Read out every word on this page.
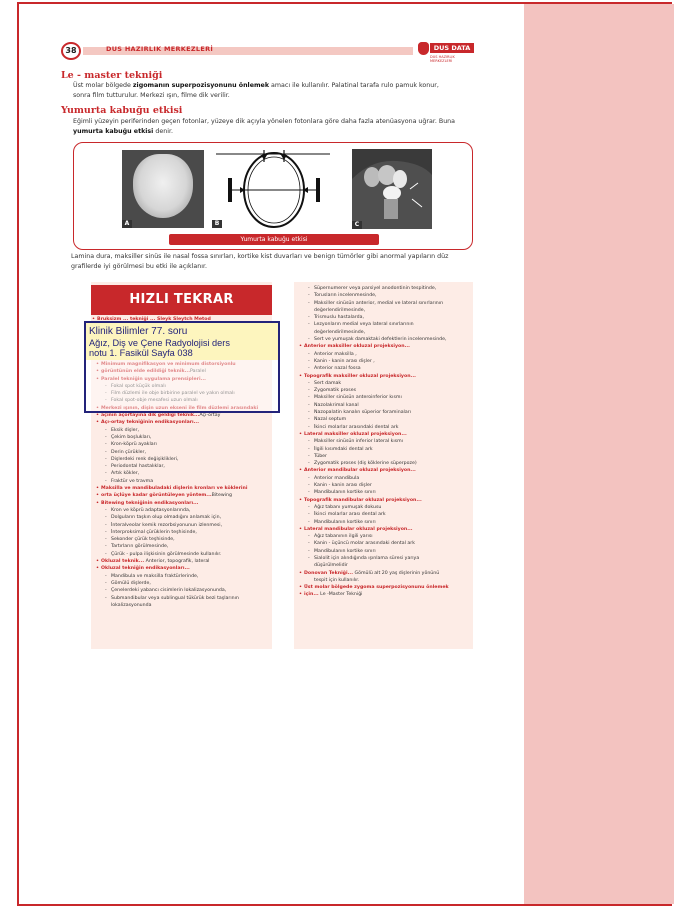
38	DUS HAZIRLIK MERKEZLERİ	DUS DATA
DUS HAZIRLIK MERKEZLERİ
Le - master tekniği

Üst molar bölgede zigomanın superpozisyonunu önlemek amacı ile kullanılır. Palatinal tarafa rulo pamuk konur, sonra film tutturulur. Merkezi ışın, filme dik verilir.

Yumurta kabuğu etkisi

Eğimli yüzeyin periferinden geçen fotonlar, yüzeye dik açıyla yönelen fotonlara göre daha fazla atenüasyona uğrar. Buna yumurta kabuğu etkisi denir.

A	B	C
Yumurta kabuğu etkisi

Lamina dura, maksiller sinüs ile nasal fossa sınırları, kortike kist duvarları ve benign tümörler gibi anormal yapıların düz grafilerde iyi görülmesi bu etki ile açıklanır.

HIZLI TEKRAR
• Bruksizm ... tekniği ... Sleyk Sleytch Metod
• Minimum magnifikasyon ve minimum distorsiyonlu
• görüntünün elde edildiği teknik...Paralel
• Paralel tekniğin uygulama prensipleri...
- Fokal spot küçük olmalı
- Film düzlemi ile obje birbirine paralel ve yakın olmalı
- Fokal spot-obje mesafesi uzun olmalı
• Merkezi ışının, dişin uzun ekseni ile film düzlemi arasındaki
• açının açortayına dik geldiği teknik...Açı-ortay
• Açı-ortay tekniğinin endikasyonları...
- Eksik dişler,
- Çekim boşlukları,
- Kron-köprü ayakları
- Derin çürükler,
- Dişlerdeki renk değişiklikleri,
- Periodontal hastalıklar,
- Artık kökler,
- Fraktür ve travma
• Maksilla ve mandibuladaki dişlerin kronları ve köklerini
• orta üçlüye kadar görüntüleyen yöntem...Bitewing
• Bitewing tekniğinin endikasyonları...
- Kron ve köprü adaptasyonlarında,
- Dolguların taşkın olup olmadığını anlamak için,
- İnteralveolar kemik rezorbsiyonunun izlenmesi,
- İnterproksimal çürüklerin teşhisinde,
- Sekonder çürük teşhisinde,
- Tartırların görülmesinde,
- Çürük - pulpa ilişkisinin görülmesinde kullanılır.
• Okluzal teknik... Anterior, topografik, lateral
• Okluzal tekniğin endikasyonları...
- Mandibula ve maksilla fraktürlerinde,
- Gömülü dişlerde,
- Çenelerdeki yabancı cisimlerin lokalizasyonunda,
- Submandibular veya sublingual tükürük bezi taşlarının
lokalizasyonunda
- Süpernumerer veya parsiyel anodontinin tespitinde,
- Torusların incelenmesinde,
- Maksiller sinüsün anterior, medial ve lateral sınırlarının
değerlendirilmesinde,
- Trismuslu hastalarda,
- Lezyonların medial veya lateral sınırlarının
değerlendirilmesinde,
- Sert ve yumuşak damaktaki defektlerin incelenmesinde,
• Anterior maksiller okluzal projeksiyon...
- Anterior maksilla ,
- Kanin - kanin arası dişler ,
- Anterior nazal fossa
• Topografik maksiller okluzal projeksiyon...
- Sert damak
- Zygomatik proses
- Maksiller sinüsün anteroinferior kısmı
- Nazolakrimal kanal
- Nazopalatin kanalın süperior foraminaları
- Nazal septum
- İkinci molarlar arasındaki dental ark
• Lateral maksiller okluzal projeksiyon...
- Maksiller sinüsün inferior lateral kısmı
- İlgili kısımdaki dental ark
- Tüber
- Zygomatik proses (diş köklerine süperpoze)
• Anterior mandibular okluzal projeksiyon...
- Anterior mandibula
- Kanin - kanin arası dişler
- Mandibulanın kortike sınırı
• Topografik mandibular okluzal projeksiyon...
- Ağız tabanı yumuşak dokusu
- İkinci molarlar arası dental ark
- Mandibulanın kortike sınırı
• Lateral mandibular okluzal projeksiyon...
- Ağız tabanının ilgili yarısı
- Kanin - üçüncü molar arasındaki dental ark
- Mandibulanın kortike sınırı
- Sialolit için alındığında ışınlama süresi yarıya
düşürülmelidir
• Donovan Tekniği... Gömülü alt 20 yaş dişlerinin yönünü
tespit için kullanılır.
• Üst molar bölgede zygoma superpozisyonunu önlemek
• için... Le -Master Tekniği
Klinik Bilimler 77. soru
Ağız, Diş ve Çene Radyolojisi ders
notu 1. Fasikül Sayfa 038
